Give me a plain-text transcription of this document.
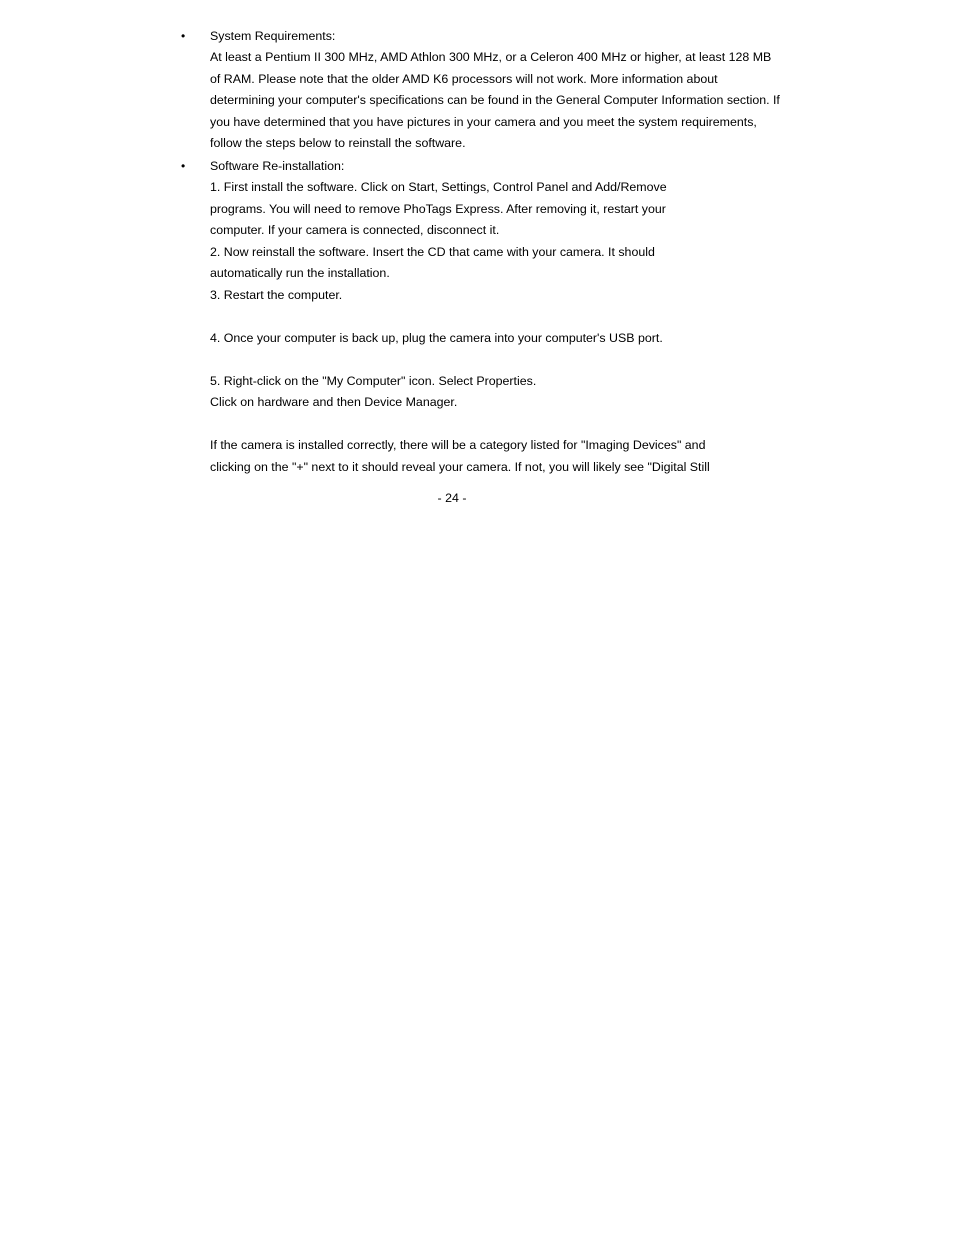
• System Requirements:
At least a Pentium II 300 MHz, AMD Athlon 300 MHz, or a Celeron 400 MHz or higher, at least 128 MB
of RAM. Please note that the older AMD K6 processors will not work. More information about
determining your computer's specifications can be found in the General Computer Information section. If
you have determined that you have pictures in your camera and you meet the system requirements,
follow the steps below to reinstall the software.
• Software Re-installation:
1. First install the software. Click on Start, Settings, Control Panel and Add/Remove
programs. You will need to remove PhoTags Express. After removing it, restart your
computer. If your camera is connected, disconnect it.
2. Now reinstall the software. Insert the CD that came with your camera. It should
automatically run the installation.
3. Restart the computer.
4. Once your computer is back up, plug the camera into your computer's USB port.
5. Right-click on the "My Computer" icon. Select Properties.
Click on hardware and then Device Manager.
If the camera is installed correctly, there will be a category listed for "Imaging Devices" and
clicking on the "+" next to it should reveal your camera. If not, you will likely see "Digital Still
- 24 -
